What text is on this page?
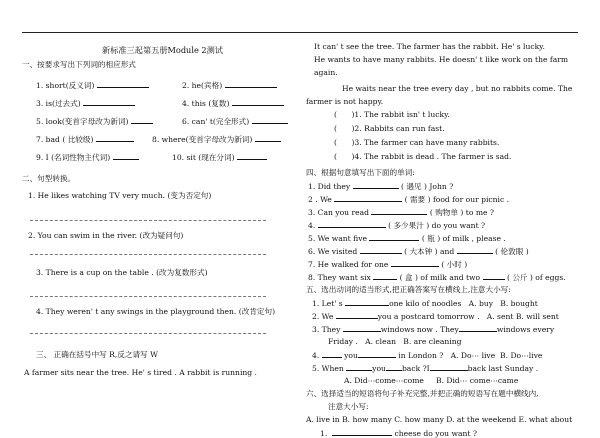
新标准三起第五册Module 2测试
一、按要求写出下列词的相应形式
1. short(反义词)	2. he(宾格)
3. is(过去式)	4. this (复数)
5. look(变首字母改为新词)	6. can' t(完全形式)
7. bad ( 比较级)	8. where(变首字母改为新词)
9. I (名词性物主代词)	10. sit (现在分词)
二、句型转换。
1. He likes watching TV very much. (变为否定句)
2. You can swim in the river. (改为疑问句)
3. There is a cup on the table . (改为复数形式)
4. They weren' t any swings in the playground then. (改肯定句)
三、 正确在括号中写 R,反之请写 W
A farmer sits near the tree. He' s tired . A rabbit is running .
It can' t see the tree. The farmer has the rabbit. He' s lucky.
He wants to have many rabbits. He doesn' t like work on the farm
again.
He waits near the tree every day , but no rabbits come. The
farmer is not happy.
(      )1. The rabbit isn' t lucky.
(      )2. Rabbits can run fast.
(      )3. The farmer can have many rabbits.
(      )4. The rabbit is dead . The farmer is sad.
四、根据句意填写出下面的单词:
1. Did they	( 遇见 ) John ?
2 . We	( 需要 ) food for our picnic .
3. Can you read	( 购物单 ) to me ?
4.	( 多少果汁 ) do you want ?
5. We want five	( 瓶 ) of milk , please .
6. We visited	( 大本钟 ) and	( 伦敦眼 )
7. He walked for one	( 小时 )
8. They want six	( 盒 ) of milk and two	( 公斤 ) of eggs.
五、选出动词的适当形式,把正确答案写在横线上,注意大小写:
1. Let' s	one kilo of noodles A. buy B. bought
2. We	you a postcard tomorrow . A. sent B. will sent
3. They	windows now . They	windows every
Friday . A. clean B. are cleaning
4.	you	in London ? A. Do⋯ live B. Do⋯live
5. When	you back ?I	back last Sunday .
A. Did⋯come⋯come B. Did⋯ come⋯came
六、选择适当的短语将句子补充完整,并把正确的短语写在题中横线内,
注意大小写:
A. live in B. how many C. how many D. at the weekend E. what about
1.	cheese do you want ?
